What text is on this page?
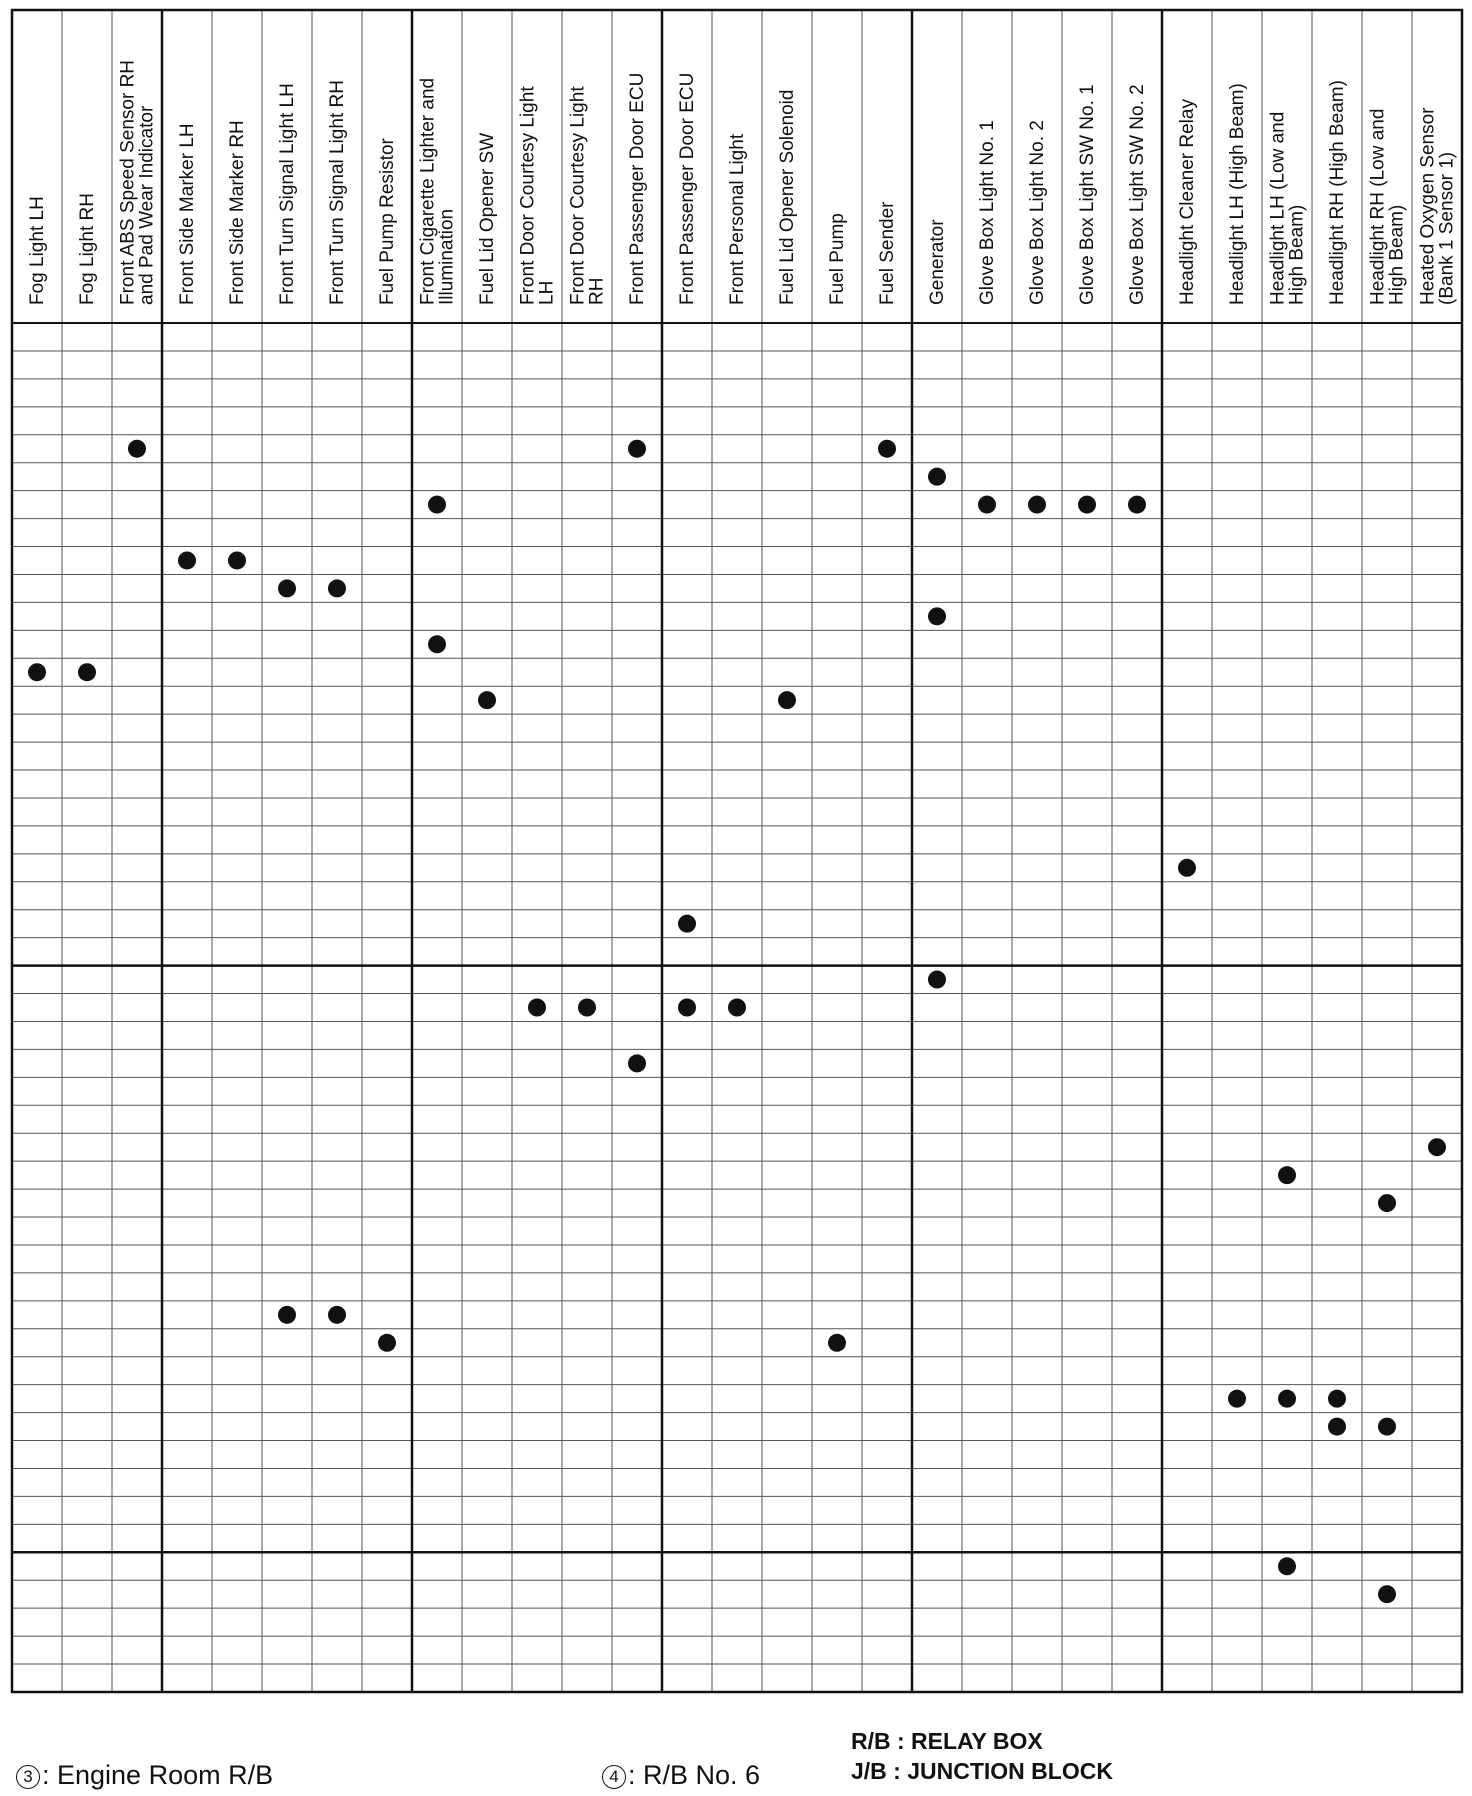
Fog Light LH Fog Light RH Front ABS Speed Sensor RH
and Pad Wear Indicator Front Side Marker LH Front Side Marker RH Front Turn Signal Light LH Front Turn Signal Light RH Fuel Pump Resistor Front Cigarette Lighter and
Illumination Fuel Lid Opener SW Front Door Courtesy Light
LH Front Door Courtesy Light
RH Front Passenger Door ECU Front Passenger Door ECU Front Personal Light Fuel Lid Opener Solenoid Fuel Pump Fuel Sender Generator Glove Box Light No. 1 Glove Box Light No. 2 Glove Box Light SW No. 1 Glove Box Light SW No. 2 Headlight Cleaner Relay Headlight LH (High Beam) Headlight LH (Low and
High Beam) Headlight RH (High Beam) Headlight RH (Low and
High Beam) Heated Oxygen Sensor
(Bank 1 Sensor 1)
3 : Engine Room R/B	4 : R/B No. 6
R/B : RELAY BOX
J/B : JUNCTION BLOCK
